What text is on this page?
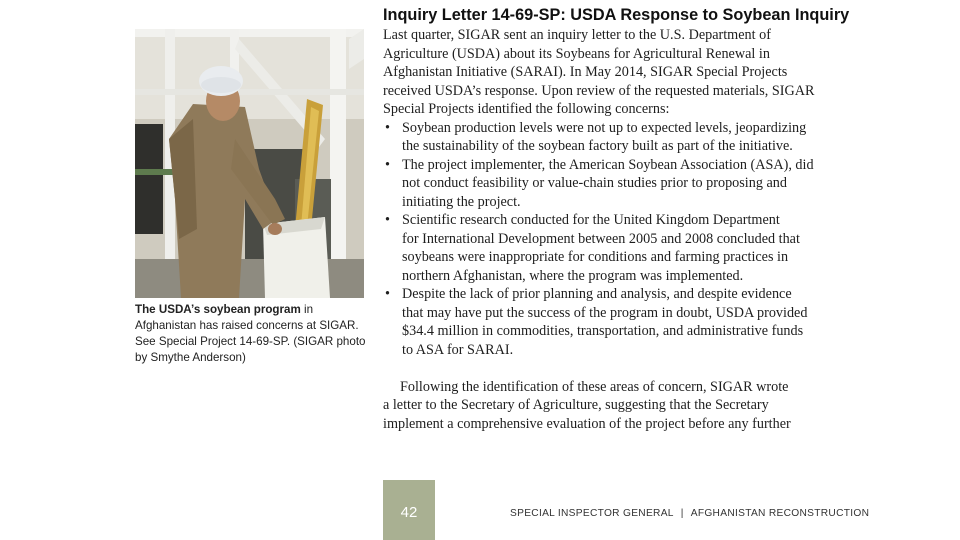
The USDA’s soybean program in
Afghanistan has raised concerns at SIGAR.
See Special Project 14-69-SP. (SIGAR photo
by Smythe Anderson)
Inquiry Letter 14-69-SP: USDA Response to Soybean Inquiry

Last quarter, SIGAR sent an inquiry letter to the U.S. Department of
Agriculture (USDA) about its Soybeans for Agricultural Renewal in
Afghanistan Initiative (SARAI). In May 2014, SIGAR Special Projects
received USDA’s response. Upon review of the requested materials, SIGAR
Special Projects identified the following concerns:

• Soybean production levels were not up to expected levels, jeopardizing
the sustainability of the soybean factory built as part of the initiative.
• The project implementer, the American Soybean Association (ASA), did
not conduct feasibility or value-chain studies prior to proposing and
initiating the project.
• Scientific research conducted for the United Kingdom Department
for International Development between 2005 and 2008 concluded that
soybeans were inappropriate for conditions and farming practices in
northern Afghanistan, where the program was implemented.
• Despite the lack of prior planning and analysis, and despite evidence
that may have put the success of the program in doubt, USDA provided
$34.4 million in commodities, transportation, and administrative funds
to ASA for SARAI.

Following the identification of these areas of concern, SIGAR wrote
a letter to the Secretary of Agriculture, suggesting that the Secretary
implement a comprehensive evaluation of the project before any further

42	SPECIAL INSPECTOR GENERAL | AFGHANISTAN RECONSTRUCTION
